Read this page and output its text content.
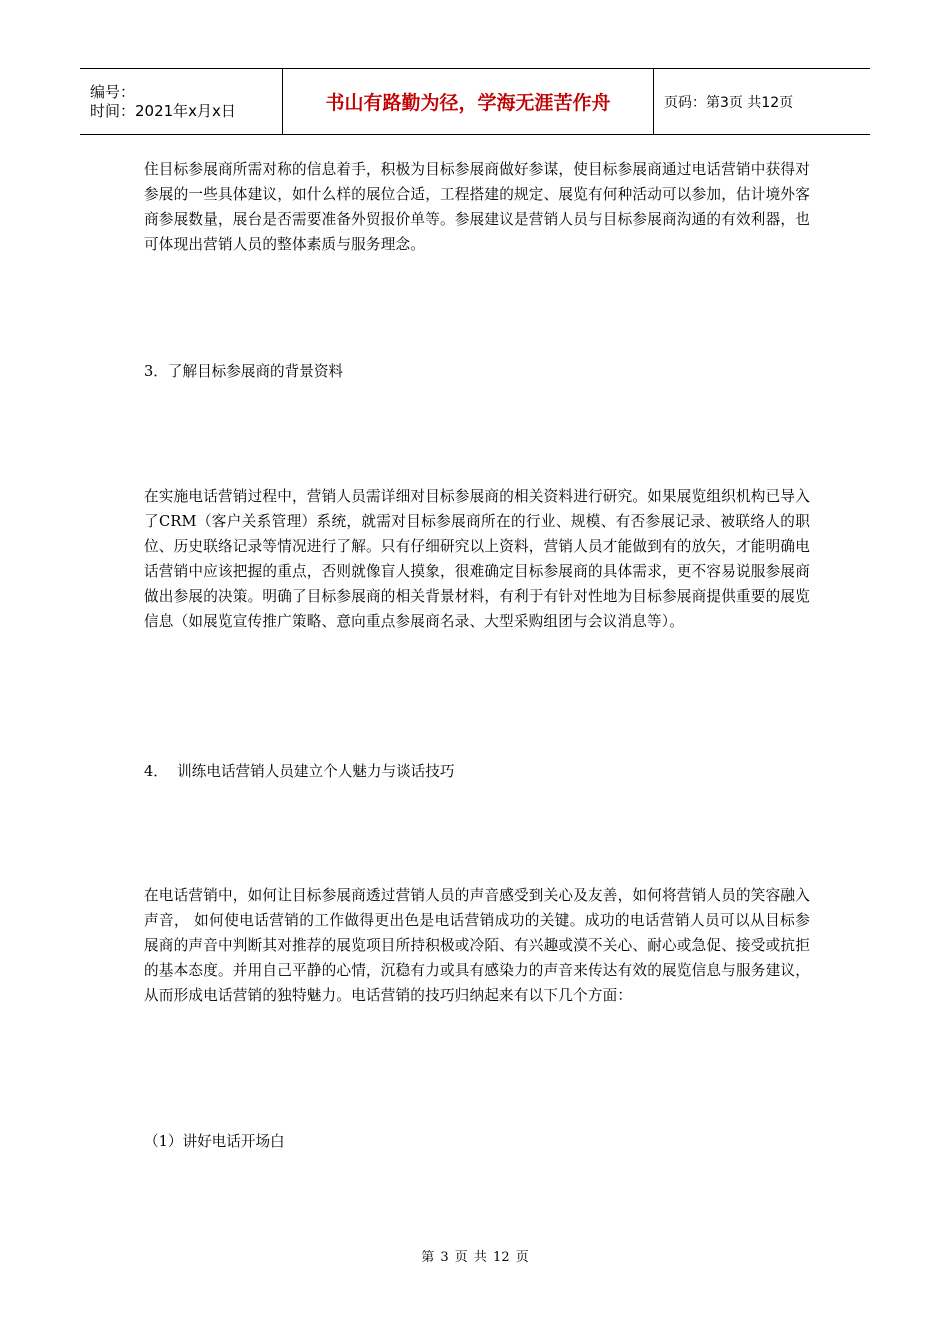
编号：
时间：2021年x月x日	书山有路勤为径，学海无涯苦作舟	页码：第3页 共12页

住目标参展商所需对称的信息着手，积极为目标参展商做好参谋，使目标参展商通过电话营销中获得对参展的一些具体建议，如什么样的展位合适，工程搭建的规定、展览有何种活动可以参加，估计境外客商参展数量，展台是否需要准备外贸报价单等。参展建议是营销人员与目标参展商沟通的有效利器，也可体现出营销人员的整体素质与服务理念。

3．了解目标参展商的背景资料

在实施电话营销过程中，营销人员需详细对目标参展商的相关资料进行研究。如果展览组织机构已导入了CRM（客户关系管理）系统，就需对目标参展商所在的行业、规模、有否参展记录、被联络人的职位、历史联络记录等情况进行了解。只有仔细研究以上资料，营销人员才能做到有的放矢，才能明确电话营销中应该把握的重点，否则就像盲人摸象，很难确定目标参展商的具体需求，更不容易说服参展商做出参展的决策。明确了目标参展商的相关背景材料，有利于有针对性地为目标参展商提供重要的展览信息（如展览宣传推广策略、意向重点参展商名录、大型采购组团与会议消息等）。

4．  训练电话营销人员建立个人魅力与谈话技巧

在电话营销中，如何让目标参展商透过营销人员的声音感受到关心及友善，如何将营销人员的笑容融入声音， 如何使电话营销的工作做得更出色是电话营销成功的关键。成功的电话营销人员可以从目标参展商的声音中判断其对推荐的展览项目所持积极或冷陌、有兴趣或漠不关心、耐心或急促、接受或抗拒的基本态度。并用自己平静的心情，沉稳有力或具有感染力的声音来传达有效的展览信息与服务建议，从而形成电话营销的独特魅力。电话营销的技巧归纳起来有以下几个方面：

（1）讲好电话开场白

第 3 页 共 12 页
